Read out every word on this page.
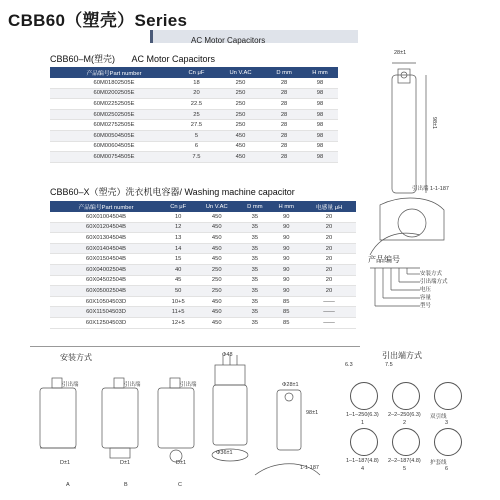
CBB60（塑壳）Series
AC Motor Capacitors
CBB60–M(塑壳) AC Motor Capacitors
产品编号Part number	Cn μF	Un V.AC	D mm	H mm
60M01802505E	18	250	28	98
60M02002505E	20	250	28	98
60M02252505E	22.5	250	28	98
60M02502505E	25	250	28	98
60M02752505E	27.5	250	28	98
60M00504505E	5	450	28	98
60M00604505E	6	450	28	98
60M00754505E	7.5	450	28	98
CBB60–X（塑壳）洗衣机电容器/ Washing machine capacitor
产品编号Part number	Cn μF	Un V.AC	D mm	H mm	电感量 μH
60X01004504B	10	450	35	90	20
60X01204504B	12	450	35	90	20
60X01304504B	13	450	35	90	20
60X01404504B	14	450	35	90	20
60X01504504B	15	450	35	90	20
60X04002504B	40	250	35	90	20
60X04502504B	45	250	35	90	20
60X05002504B	50	250	35	90	20
60X10504503D	10+5	450	35	85	——
60X11504503D	11+5	450	35	85	——
60X12504503D	12+5	450	35	85	——
28±1
98±1
引出端 1-1-187
产品编号
安装方式
引出端方式
电压
容量
型号
安装方式
引出端	引出端	引出端
D±1	D±1	D±1
A	B	C
Φ48
Φ28±1
98±1
Φ36±1
1-1-187
引出端方式
1–1–250(6.3)
1
2–2–250(6.3)
2
双引线
3
1–1–187(4.8)
4
2–2–187(4.8)
5
护套线
6
6.3	7.5
